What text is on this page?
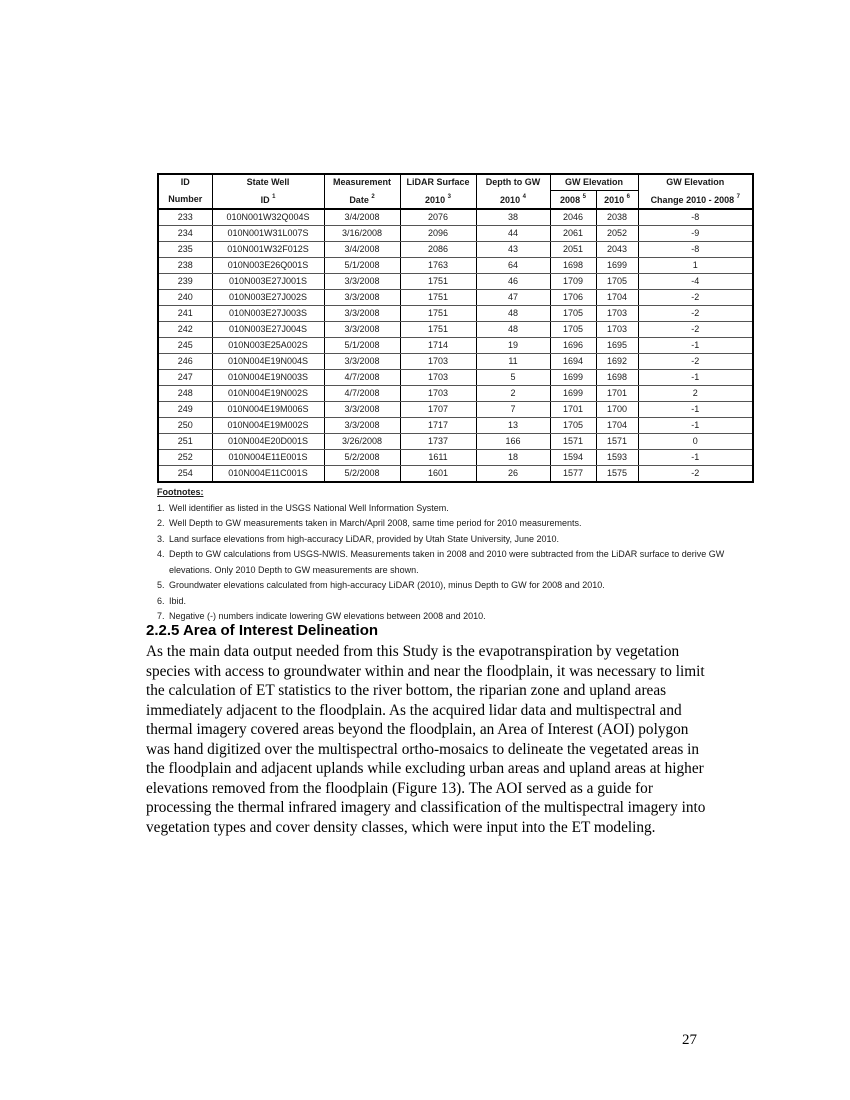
ID	State Well	Measurement	LiDAR Surface	Depth to GW	GW Elevation		GW Elevation
Number	ID $^1$	Date $^2$	2010 $^3$	2010 $^4$	2008 $^5$	2010 $^6$	Change 2010 - 2008 $^7$
233	010N001W32Q004S	3/4/2008	2076	38	2046	2038	-8
234	010N001W31L007S	3/16/2008	2096	44	2061	2052	-9
235	010N001W32F012S	3/4/2008	2086	43	2051	2043	-8
238	010N003E26Q001S	5/1/2008	1763	64	1698	1699	1
239	010N003E27J001S	3/3/2008	1751	46	1709	1705	-4
240	010N003E27J002S	3/3/2008	1751	47	1706	1704	-2
241	010N003E27J003S	3/3/2008	1751	48	1705	1703	-2
242	010N003E27J004S	3/3/2008	1751	48	1705	1703	-2
245	010N003E25A002S	5/1/2008	1714	19	1696	1695	-1
246	010N004E19N004S	3/3/2008	1703	11	1694	1692	-2
247	010N004E19N003S	4/7/2008	1703	5	1699	1698	-1
248	010N004E19N002S	4/7/2008	1703	2	1699	1701	2
249	010N004E19M006S	3/3/2008	1707	7	1701	1700	-1
250	010N004E19M002S	3/3/2008	1717	13	1705	1704	-1
251	010N004E20D001S	3/26/2008	1737	166	1571	1571	0
252	010N004E11E001S	5/2/2008	1611	18	1594	1593	-1
254	010N004E11C001S	5/2/2008	1601	26	1577	1575	-2
Footnotes:
1. Well identifier as listed in the USGS National Well Information System.
2. Well Depth to GW measurements taken in March/April 2008, same time period for 2010 measurements.
3. Land surface elevations from high-accuracy LiDAR, provided by Utah State University, June 2010.
4. Depth to GW calculations from USGS-NWIS. Measurements taken in 2008 and 2010 were subtracted from the LiDAR surface to derive GW elevations. Only 2010 Depth to GW measurements are shown.
5. Groundwater elevations calculated from high-accuracy LiDAR (2010), minus Depth to GW for 2008 and 2010.
6. Ibid.
7. Negative (-) numbers indicate lowering GW elevations between 2008 and 2010.
2.2.5 Area of Interest Delineation

As the main data output needed from this Study is the evapotranspiration by vegetation species with access to groundwater within and near the floodplain, it was necessary to limit the calculation of ET statistics to the river bottom, the riparian zone and upland areas immediately adjacent to the floodplain. As the acquired lidar data and multispectral and thermal imagery covered areas beyond the floodplain, an Area of Interest (AOI) polygon was hand digitized over the multispectral ortho-mosaics to delineate the vegetated areas in the floodplain and adjacent uplands while excluding urban areas and upland areas at higher elevations removed from the floodplain (Figure 13). The AOI served as a guide for processing the thermal infrared imagery and classification of the multispectral imagery into vegetation types and cover density classes, which were input into the ET modeling.

27
